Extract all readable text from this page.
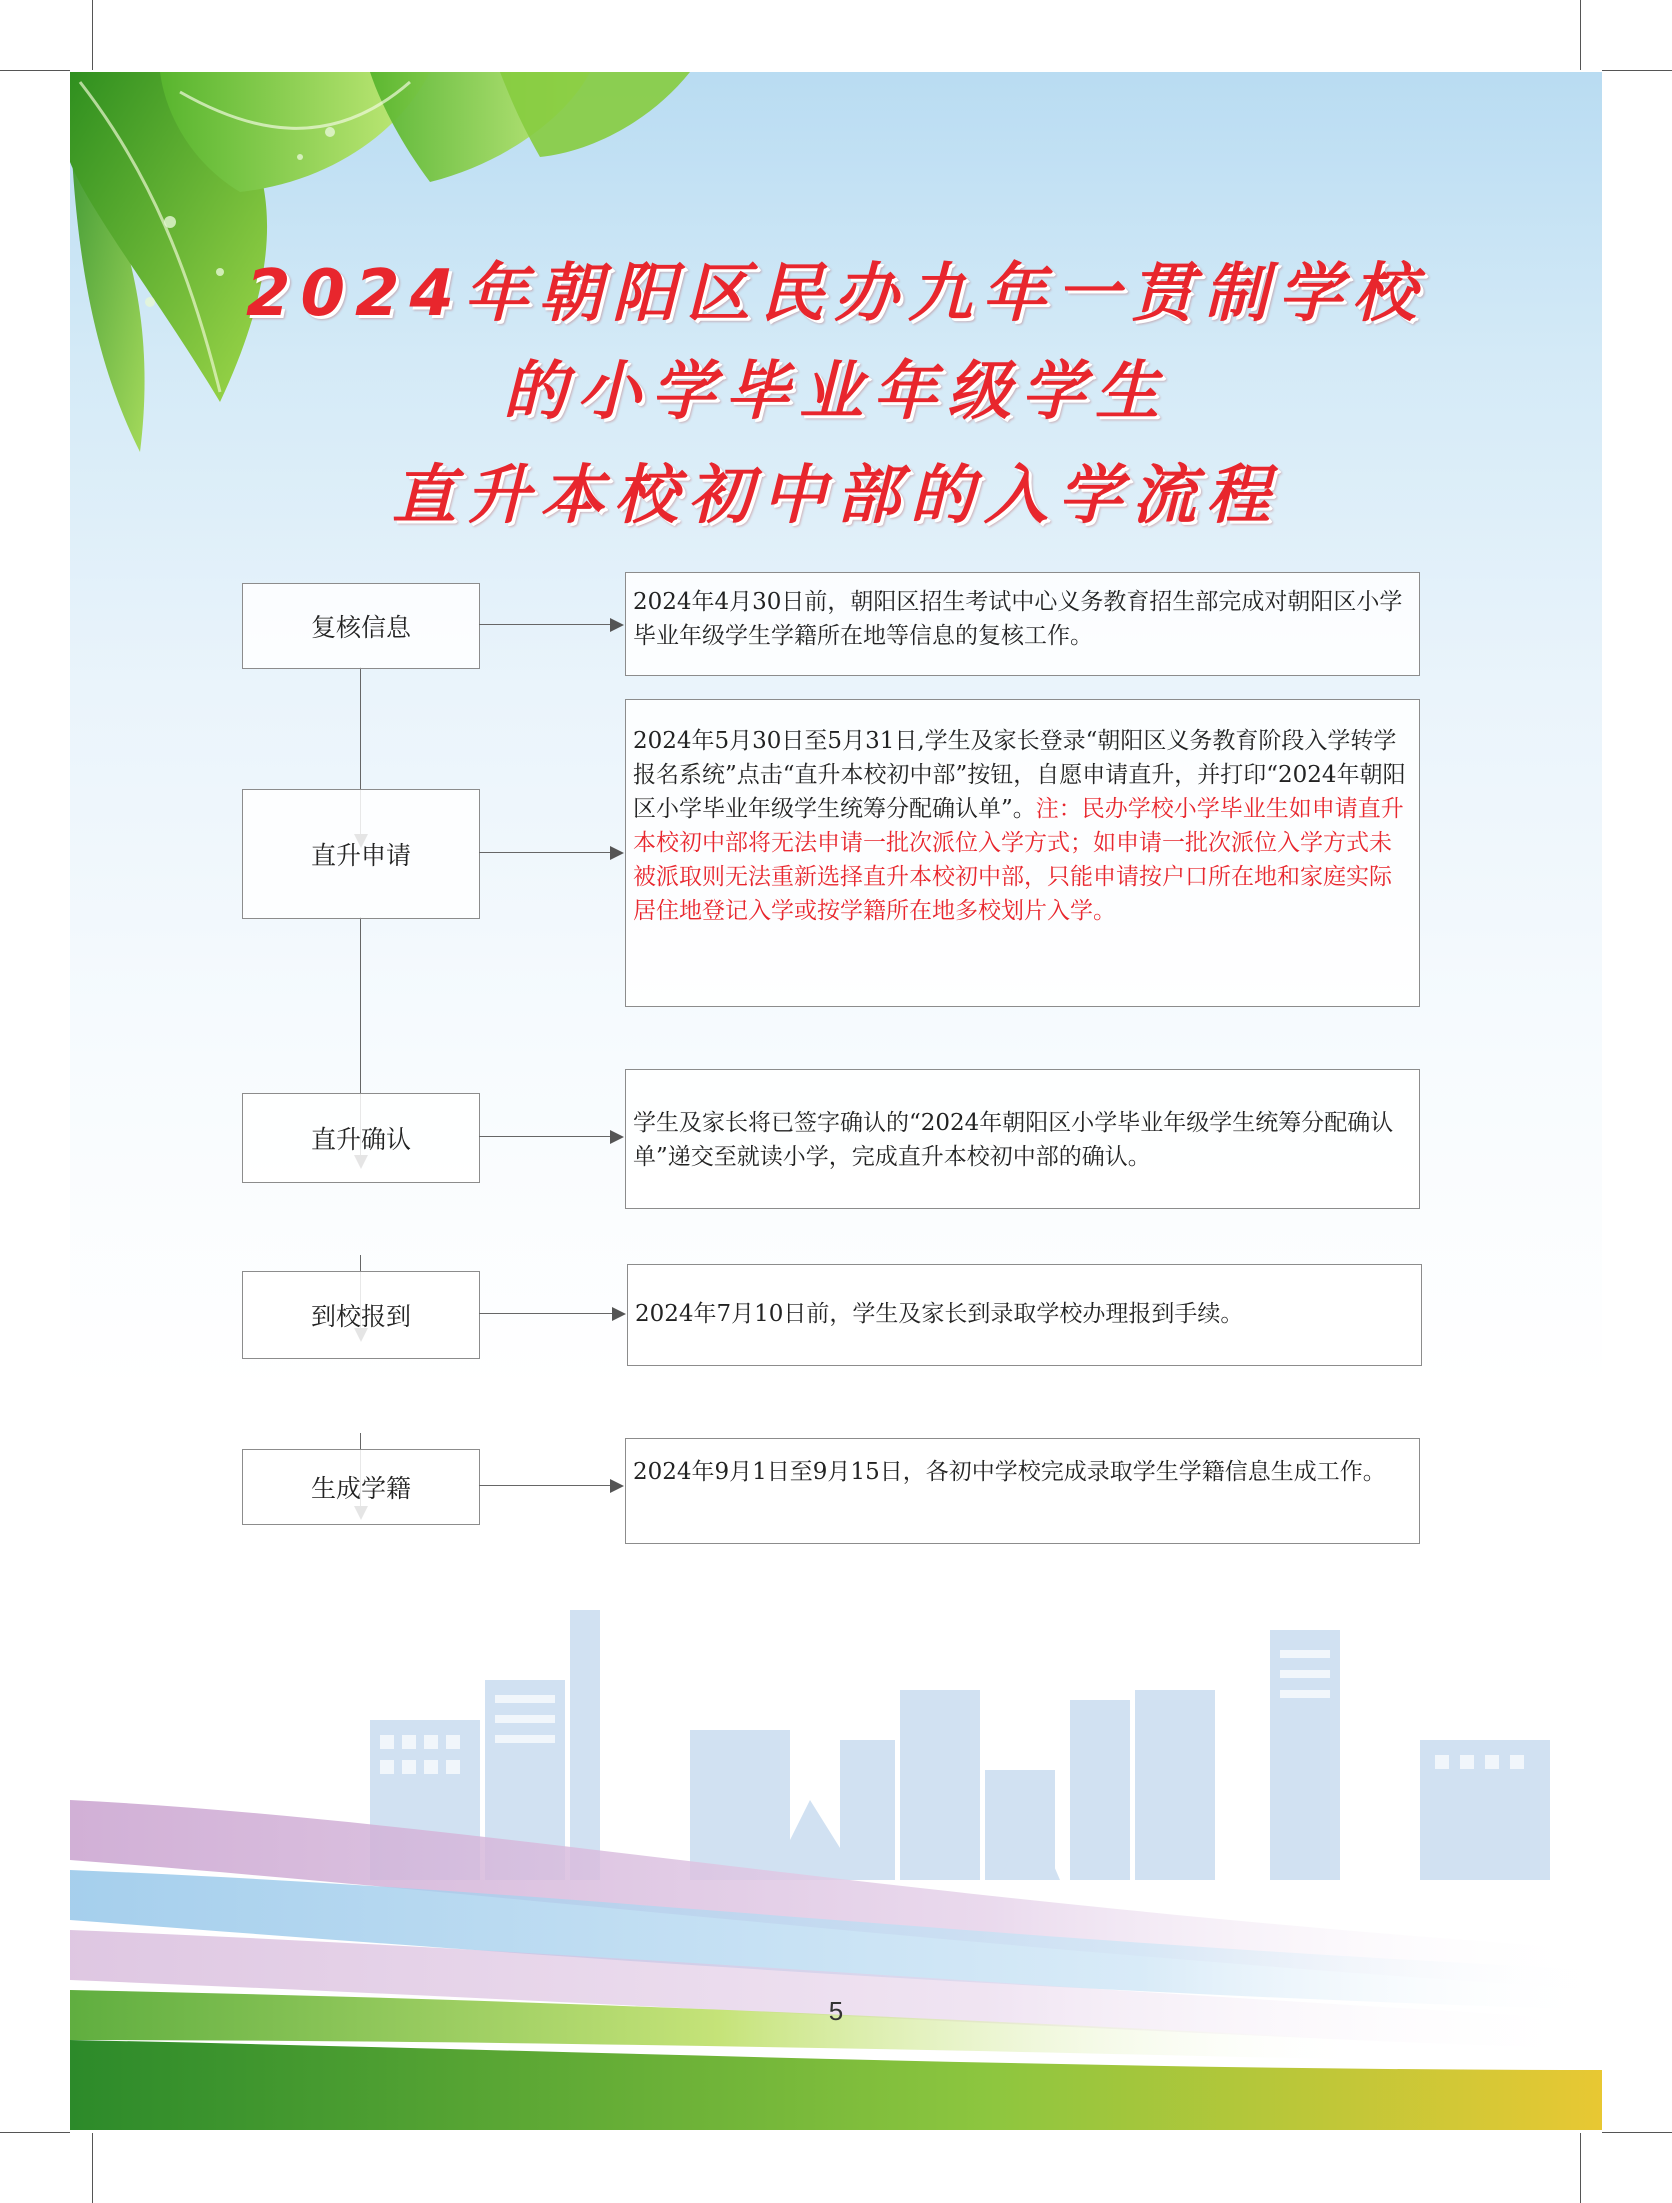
2024年朝阳区民办九年一贯制学校
的小学毕业年级学生
直升本校初中部的入学流程
复核信息
2024年4月30日前，朝阳区招生考试中心义务教育招生部完成对朝阳区小学毕业年级学生学籍所在地等信息的复核工作。
直升申请
2024年5月30日至5月31日,学生及家长登录“朝阳区义务教育阶段入学转学报名系统”点击“直升本校初中部”按钮，自愿申请直升，并打印“2024年朝阳区小学毕业年级学生统筹分配确认单”。注：民办学校小学毕业生如申请直升本校初中部将无法申请一批次派位入学方式；如申请一批次派位入学方式未被派取则无法重新选择直升本校初中部，只能申请按户口所在地和家庭实际居住地登记入学或按学籍所在地多校划片入学。
直升确认
学生及家长将已签字确认的“2024年朝阳区小学毕业年级学生统筹分配确认单”递交至就读小学，完成直升本校初中部的确认。
到校报到	2024年7月10日前，学生及家长到录取学校办理报到手续。
生成学籍
2024年9月1日至9月15日，各初中学校完成录取学生学籍信息生成工作。
5
